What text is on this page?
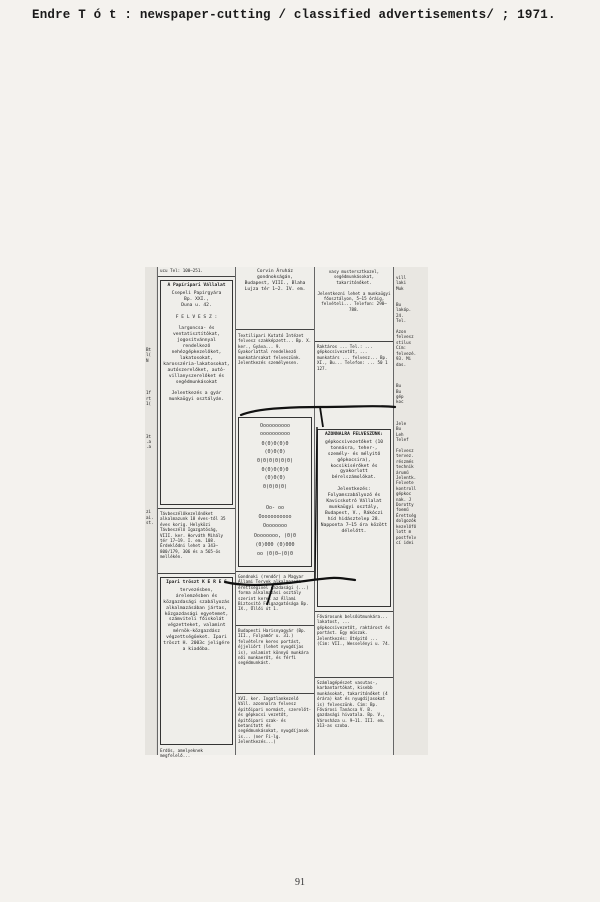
Endre T ó t : newspaper-cutting / classified advertisements/ ; 1971.
Bt
l(
N

1f
rt
1(

3t
.a
.a

zi
ai.
st.
ucu Tel: 100—251.
A Papíripari Vállalat
Csepeli Papírgyára
Bp. XXI.,
Duna u. 42.

F E L V E S Z :

largoncsa- és ventatisztítókat, jogosítvánnyal rendelkező nehézgépkezelőket, lakatosokat, karosszéria-lakatosokat, autószerelőket, autó-villanyszerelőket és segédmunkásokat

Jelentkezés a gyár munkaügyi osztályán.
Távbeszélőkezelőnőket alkalmazunk 18 éves-től 35 éves korig. Helyközi Távbeszélő Igazgatóság, VIII. ker. Horváth Mihály tér 17—19. I. em. 108. Érdeklődni lehet a 343—800/179, 306 és a 565-ös mellékén.
Ipari tröszt K E R E S
tervezésben, árelemzésben és közgazdasági szabályozás alkalmazásában jártas, közgazdasági egyetemet, számviteli főiskolát végzetteket, valamint mérnök-közgazdász végzettségűeket. Ipari tröszt H. 2003c jeligére a kiadóba.
Erdős, amelyeknek megfelelő...
Corvin Áruház gondnokságán,
Budapest, VIII., Blaha Lujza tér 1—2. IV. em.
Textilipari Kutató Intézet felvesz szakképzett... Bp. X. ker., Gyáva... 9. Gyakorlattal rendelkező munkatársakat felveszünk. Jelentkezés személyesen.
Oooooooooo
oooooooooo
0(0)0(0)0
(0)0(0)
0(0)0(0)0(0)
0(0)0(0)0
(0)0(0)
0(0)0(0)
Oo- oo
Ooooooooooo
Oooooooo
Oooooooo, (0)0
(0)000 (0)000
oo (0)0—(0)0
Gondnoki (rendőr) a Magyar Állami Tervek alkalmazott érettségivel gazdasági (...) forma alkalmazási osztály szerint keres az Állami Biztosító Főigazgatósága Bp. IX., Üllői út 1.
Budapesti Harisnyagyár (Bp. III., Folyamőr u. 31.) felvételre keres portást, éjjeliőrt (lehet nyugdíjas is), valamint könnyű munkára női munkaerőt, és férfi segédmunkást.
XVI. ker. Ingatlankezelő Váll. azonnalra felvesz építőipari normást, szerelőt- és gépkocsi vezetőt, építőipari szak- és betanított és segédmunkásokat, nyugdíjasok is... (ner Fi-lg. Jelentkezés...)
vasy mustersztkozel, segédmunkásokat, takarítónőket.

Jelentkezni lehet a munkaügyi főosztályon, 5—15 óráig, felvételi... Telefon: 290—788.
Raktáros ... Tel.: ... gépkocsivezetőt, ... munkatárs ... felvesz... Bp. XI., Bu... Telefon: ... 50 1 127.
AZONNALRA FELVESZÜNK:
gépkocsivezetőket (10 tonnásra, teher-, személy- és mélyítő gépkocsira), kocsikísérőket és gyakorlott bérelszámolókat.

Jelentkezés:
Folyamszabályozó és Kavicskotró Vállalat munkaügyi osztály, Budapest, V., Rákóczi híd hidásztelep 28. Napponta 7—15 óra között délelőtt.
Fővárosunk belsőútmunkára... lakatost, ... gépkocsivezetőt, raktárost és portást. Egy műszak. Jelentkezés: Útépítő ... (Cím: VII., Wesselényi u. 74.
Számlagépészet vasutas-, karbantartókat, kisebb munkásokat, takarítónőket (4 órára) kat és nyugdíjasokat is) felveszünk. Cím: Bp. Fővárosi Tanácsa V. B. gazdasági hivatala. Bp. V., Városháza u. 9—11. III. em. 313-as szoba.
vill
laki
Muk

Bu
lakóp.
24.
Tel.

Azon
felvesz
stílus
Cím:
felvezé.
93. Mi
das.

Bu
Bu
gép
koc

Jele
Bu
Leh
Telef

Felvesz
tervez.
részmés
technik
árumű
Jelentk.
Felvete
kontroll
gépkoc
nak. J
Dorotty
foemű
Érettség
dolgozók
kezelőfő
lott m
postfelv
cí idei
91
